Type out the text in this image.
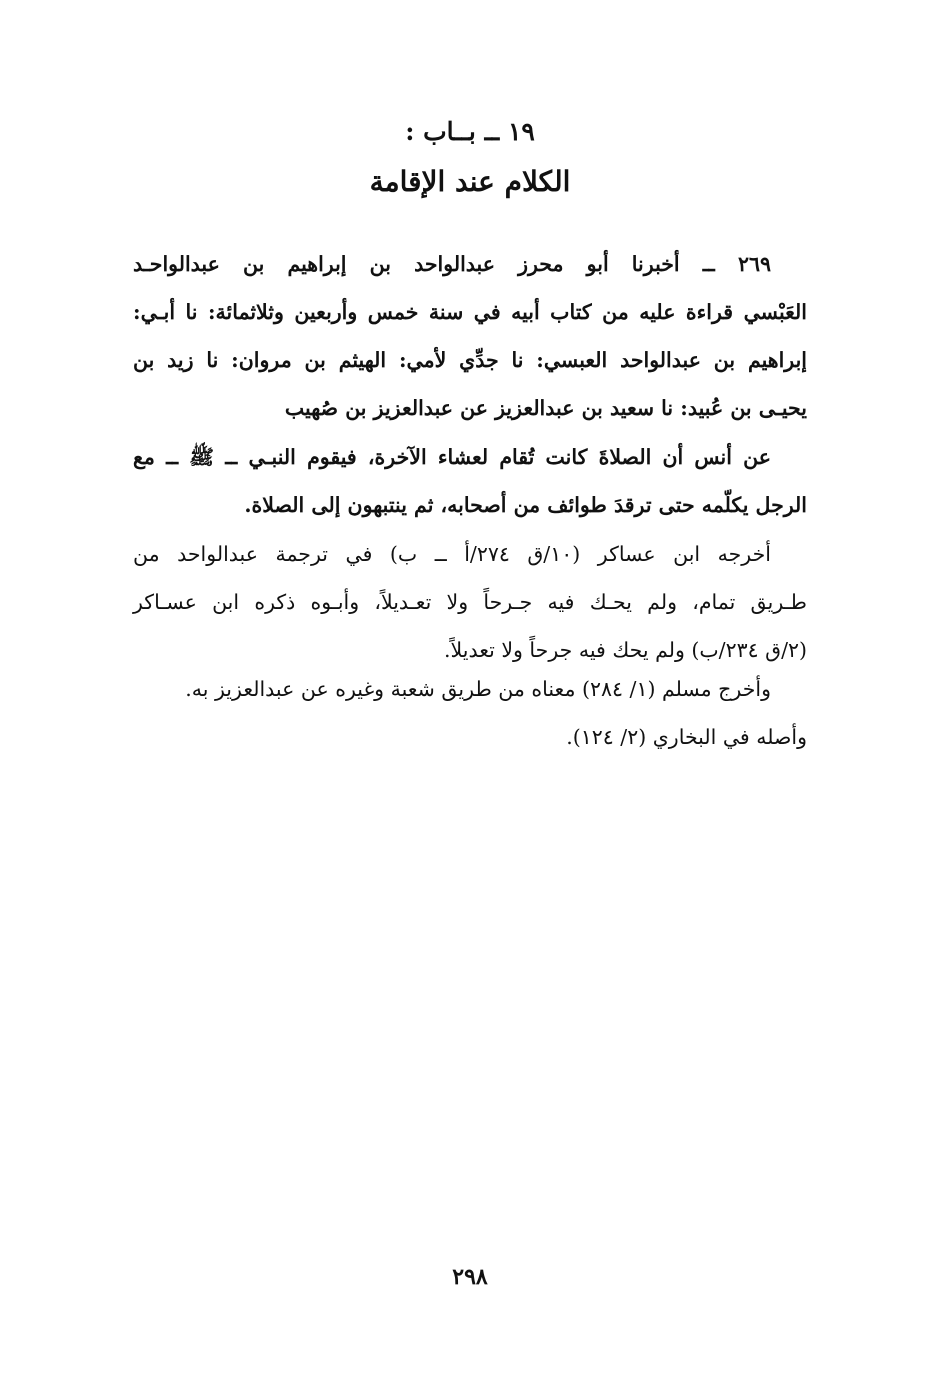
١٩ ــ بــاب :
الكلام عند الإقامة
٢٦٩ ــ أخبرنا أبو محرز عبدالواحد بن إبراهيم بن عبدالواحـد
العَبْسي قراءة عليه من كتاب أبيه في سنة خمس وأربعين وثلاثمائة: نا أبـي:
إبراهيم بن عبدالواحد العبسي: نا جدِّي لأمي: الهيثم بن مروان: نا زيد بن
يحيـى بن عُبيد: نا سعيد بن عبدالعزيز عن عبدالعزيز بن صُهيب
عن أنس أن الصلاةَ كانت تُقام لعشاء الآخرة، فيقوم النبـي ــ ﷺ ــ مع
الرجل يكلّمه حتى ترقدَ طوائف من أصحابه، ثم ينتبهون إلى الصلاة.
أخرجه ابن عساكر (١٠/ق ٢٧٤/أ ــ ب) في ترجمة عبدالواحد من
طـريق تمام، ولم يحـك فيه جـرحاً ولا تعـديلاً، وأبـوه ذكره ابن عسـاكر
(٢/ق ٢٣٤/ب) ولم يحك فيه جرحاً ولا تعديلاً.
وأخرج مسلم (١/ ٢٨٤) معناه من طريق شعبة وغيره عن عبدالعزيز به.
وأصله في البخاري (٢/ ١٢٤).
٢٩٨
